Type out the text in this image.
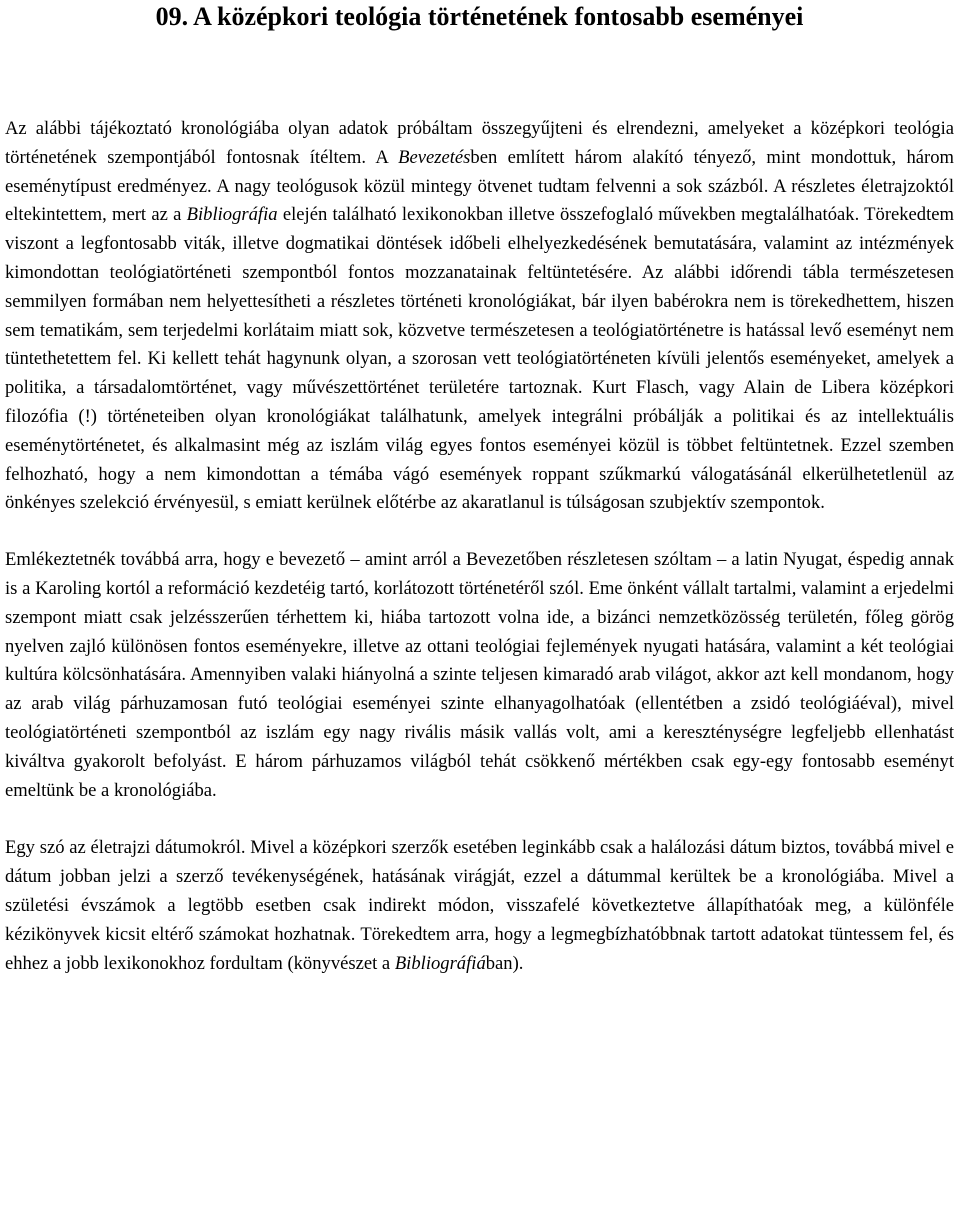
09. A középkori teológia történetének fontosabb eseményei

Az alábbi tájékoztató kronológiába olyan adatok próbáltam összegyűjteni és elrendezni, amelyeket a középkori teológia történetének szempontjából fontosnak ítéltem. A Bevezetésben említett három alakító tényező, mint mondottuk, három eseménytípust eredményez. A nagy teológusok közül mintegy ötvenet tudtam felvenni a sok százból. A részletes életrajzoktól eltekintettem, mert az a Bibliográfia elején található lexikonokban illetve összefoglaló művekben megtalálhatóak. Törekedtem viszont a legfontosabb viták, illetve dogmatikai döntések időbeli elhelyezkedésének bemutatására, valamint az intézmények kimondottan teológiatörténeti szempontból fontos mozzanatainak feltüntetésére. Az alábbi időrendi tábla természetesen semmilyen formában nem helyettesítheti a részletes történeti kronológiákat, bár ilyen babérokra nem is törekedhettem, hiszen sem tematikám, sem terjedelmi korlátaim miatt sok, közvetve természetesen a teológiatörténetre is hatással levő eseményt nem tüntethetettem fel. Ki kellett tehát hagynunk olyan, a szorosan vett teológiatörténeten kívüli jelentős eseményeket, amelyek a politika, a társadalomtörténet, vagy művészettörténet területére tartoznak. Kurt Flasch, vagy Alain de Libera középkori filozófia (!) történeteiben olyan kronológiákat találhatunk, amelyek integrálni próbálják a politikai és az intellektuális eseménytörténetet, és alkalmasint még az iszlám világ egyes fontos eseményei közül is többet feltüntetnek. Ezzel szemben felhozható, hogy a nem kimondottan a témába vágó események roppant szűkmarkú válogatásánál elkerülhetetlenül az önkényes szelekció érvényesül, s emiatt kerülnek előtérbe az akaratlanul is túlságosan szubjektív szempontok.

Emlékeztetnék továbbá arra, hogy e bevezető – amint arról a Bevezetőben részletesen szóltam – a latin Nyugat, éspedig annak is a Karoling kortól a reformáció kezdetéig tartó, korlátozott történetéről szól. Eme önként vállalt tartalmi, valamint a erjedelmi szempont miatt csak jelzésszerűen térhettem ki, hiába tartozott volna ide, a bizánci nemzetközösség területén, főleg görög nyelven zajló különösen fontos eseményekre, illetve az ottani teológiai fejlemények nyugati hatására, valamint a két teológiai kultúra kölcsönhatására. Amennyiben valaki hiányolná a szinte teljesen kimaradó arab világot, akkor azt kell mondanom, hogy az arab világ párhuzamosan futó teológiai eseményei szinte elhanyagolhatóak (ellentétben a zsidó teológiáéval), mivel teológiatörténeti szempontból az iszlám egy nagy rivális másik vallás volt, ami a kereszténységre legfeljebb ellenhatást kiváltva gyakorolt befolyást. E három párhuzamos világból tehát csökkenő mértékben csak egy-egy fontosabb eseményt emeltünk be a kronológiába.

Egy szó az életrajzi dátumokról. Mivel a középkori szerzők esetében leginkább csak a halálozási dátum biztos, továbbá mivel e dátum jobban jelzi a szerző tevékenységének, hatásának virágját, ezzel a dátummal kerültek be a kronológiába. Mivel a születési évszámok a legtöbb esetben csak indirekt módon, visszafelé következtetve állapíthatóak meg, a különféle kézikönyvek kicsit eltérő számokat hozhatnak. Törekedtem arra, hogy a legmegbízhatóbbnak tartott adatokat tüntessem fel, és ehhez a jobb lexikonokhoz fordultam (könyvészet a Bibliográfiában).
